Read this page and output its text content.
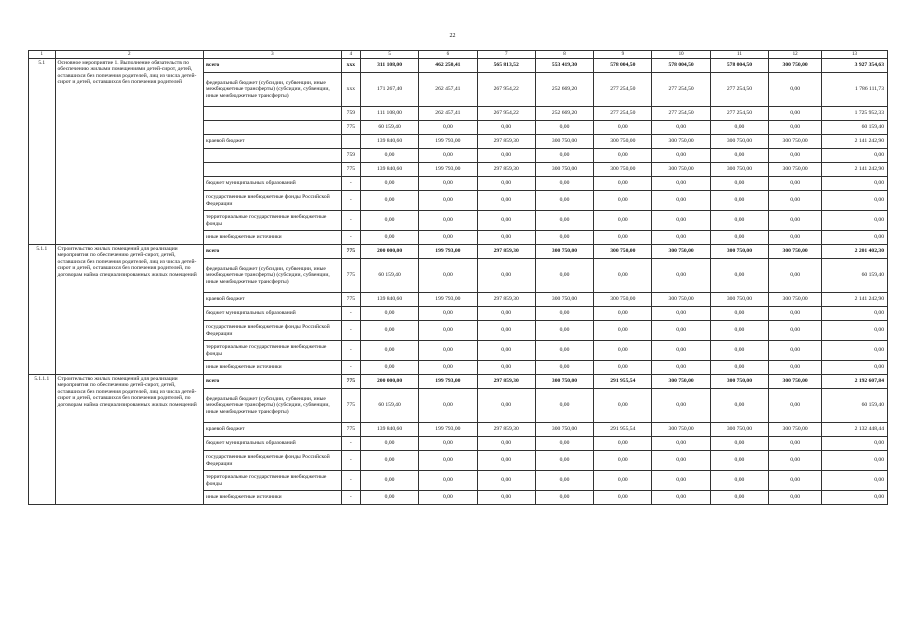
22
1	2	3	4	5	6	7	8	9	10	11	12	13
5.1	Основное мероприятие 1. Выполнение обязательств по обеспечению жилыми помещениями детей-сирот, детей, оставшихся без попечения родителей, лиц из числа детей-сирот и детей, оставшихся без попечения родителей	всего	ххх	311 108,00	462 250,41	565 813,52	553 419,30	578 004,50	578 004,50	578 004,50	300 750,00	3 927 354,63
		федеральный бюджет (субсидии, субвенции, иные межбюджетные трансферты) (субсидии, субвенции, иные межбюджетные трансферты)	ххх	171 267,40	262 457,41	267 954,22	252 669,20	277 254,50	277 254,50	277 254,50	0,00	1 786 111,73
			759	111 108,00	262 457,41	267 954,22	252 669,20	277 254,50	277 254,50	277 254,50	0,00	1 725 952,33
			775	60 159,40	0,00	0,00	0,00	0,00	0,00	0,00	0,00	60 159,40
		краевой бюджет		139 840,60	199 793,00	297 859,30	300 750,00	300 750,00	300 750,00	300 750,00	300 750,00	2 141 242,90
			759	0,00	0,00	0,00	0,00	0,00	0,00	0,00	0,00	0,00
			775	139 840,60	199 793,00	297 859,30	300 750,00	300 750,00	300 750,00	300 750,00	300 750,00	2 141 242,90
		бюджет муниципальных образований	-	0,00	0,00	0,00	0,00	0,00	0,00	0,00	0,00	0,00
		государственные внебюджетные фонды Российской Федерации	-	0,00	0,00	0,00	0,00	0,00	0,00	0,00	0,00	0,00
		территориальные государственные внебюджетные фонды	-	0,00	0,00	0,00	0,00	0,00	0,00	0,00	0,00	0,00
		иные внебюджетные источники	-	0,00	0,00	0,00	0,00	0,00	0,00	0,00	0,00	0,00
5.1.1	Строительство жилых помещений для реализации мероприятия по обеспечению детей-сирот, детей, оставшихся без попечения родителей, лиц из числа детей-сирот и детей, оставшихся без попечения родителей, по договорам найма специализированных жилых помещений	всего	775	200 000,00	199 793,00	297 859,30	300 750,00	300 750,00	300 750,00	300 750,00	300 750,00	2 201 402,30
		федеральный бюджет (субсидии, субвенции, иные межбюджетные трансферты) (субсидии, субвенции, иные межбюджетные трансферты)	775	60 159,40	0,00	0,00	0,00	0,00	0,00	0,00	0,00	60 159,40
		краевой бюджет	775	139 840,60	199 793,00	297 859,30	300 750,00	300 750,00	300 750,00	300 750,00	300 750,00	2 141 242,90
		бюджет муниципальных образований	-	0,00	0,00	0,00	0,00	0,00	0,00	0,00	0,00	0,00
		государственные внебюджетные фонды Российской Федерации	-	0,00	0,00	0,00	0,00	0,00	0,00	0,00	0,00	0,00
		территориальные государственные внебюджетные фонды	-	0,00	0,00	0,00	0,00	0,00	0,00	0,00	0,00	0,00
		иные внебюджетные источники	-	0,00	0,00	0,00	0,00	0,00	0,00	0,00	0,00	0,00
5.1.1.1	Строительство жилых помещений для реализации мероприятия по обеспечению детей-сирот, детей, оставшихся без попечения родителей, лиц из числа детей-сирот и детей, оставшихся без попечения родителей, по договорам найма специализированных жилых помещений	всего	775	200 000,00	199 793,00	297 859,30	300 750,00	291 955,54	300 750,00	300 750,00	300 750,00	2 192 607,84
		федеральный бюджет (субсидии, субвенции, иные межбюджетные трансферты) (субсидии, субвенции, иные межбюджетные трансферты)	775	60 159,40	0,00	0,00	0,00	0,00	0,00	0,00	0,00	60 159,40
		краевой бюджет	775	139 840,60	199 793,00	297 859,30	300 750,00	291 955,54	300 750,00	300 750,00	300 750,00	2 132 448,44
		бюджет муниципальных образований	-	0,00	0,00	0,00	0,00	0,00	0,00	0,00	0,00	0,00
		государственные внебюджетные фонды Российской Федерации	-	0,00	0,00	0,00	0,00	0,00	0,00	0,00	0,00	0,00
		территориальные государственные внебюджетные фонды	-	0,00	0,00	0,00	0,00	0,00	0,00	0,00	0,00	0,00
		иные внебюджетные источники	-	0,00	0,00	0,00	0,00	0,00	0,00	0,00	0,00	0,00
